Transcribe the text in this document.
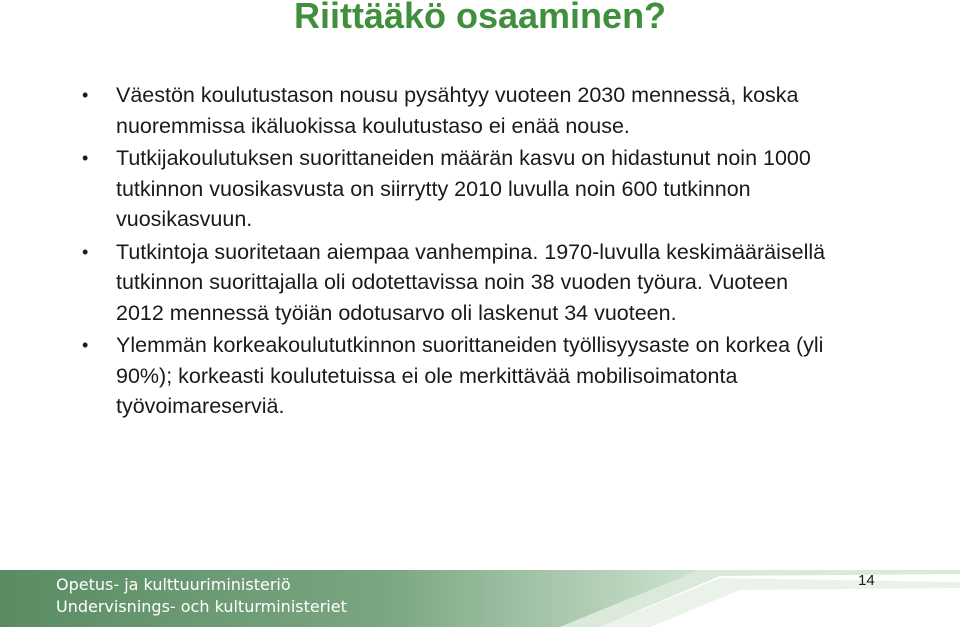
Riittääkö osaaminen?
• Väestön koulutustason nousu pysähtyy vuoteen 2030 mennessä, koska nuoremmissa ikäluokissa koulutustaso ei enää nouse.
• Tutkijakoulutuksen suorittaneiden määrän kasvu on hidastunut noin 1000 tutkinnon vuosikasvusta on siirrytty 2010 luvulla noin 600 tutkinnon vuosikasvuun.
• Tutkintoja suoritetaan aiempaa vanhempina. 1970-luvulla keskimääräisellä tutkinnon suorittajalla oli odotettavissa noin 38 vuoden työura. Vuoteen 2012 mennessä työiän odotusarvo oli laskenut 34 vuoteen.
• Ylemmän korkeakoulututkinnon suorittaneiden työllisyysaste on korkea (yli 90%); korkeasti koulutetuissa ei ole merkittävää mobilisoimatonta työvoimareserviä.
Opetus- ja kulttuuriministeriö
Undervisnings- och kulturministeriet
14
